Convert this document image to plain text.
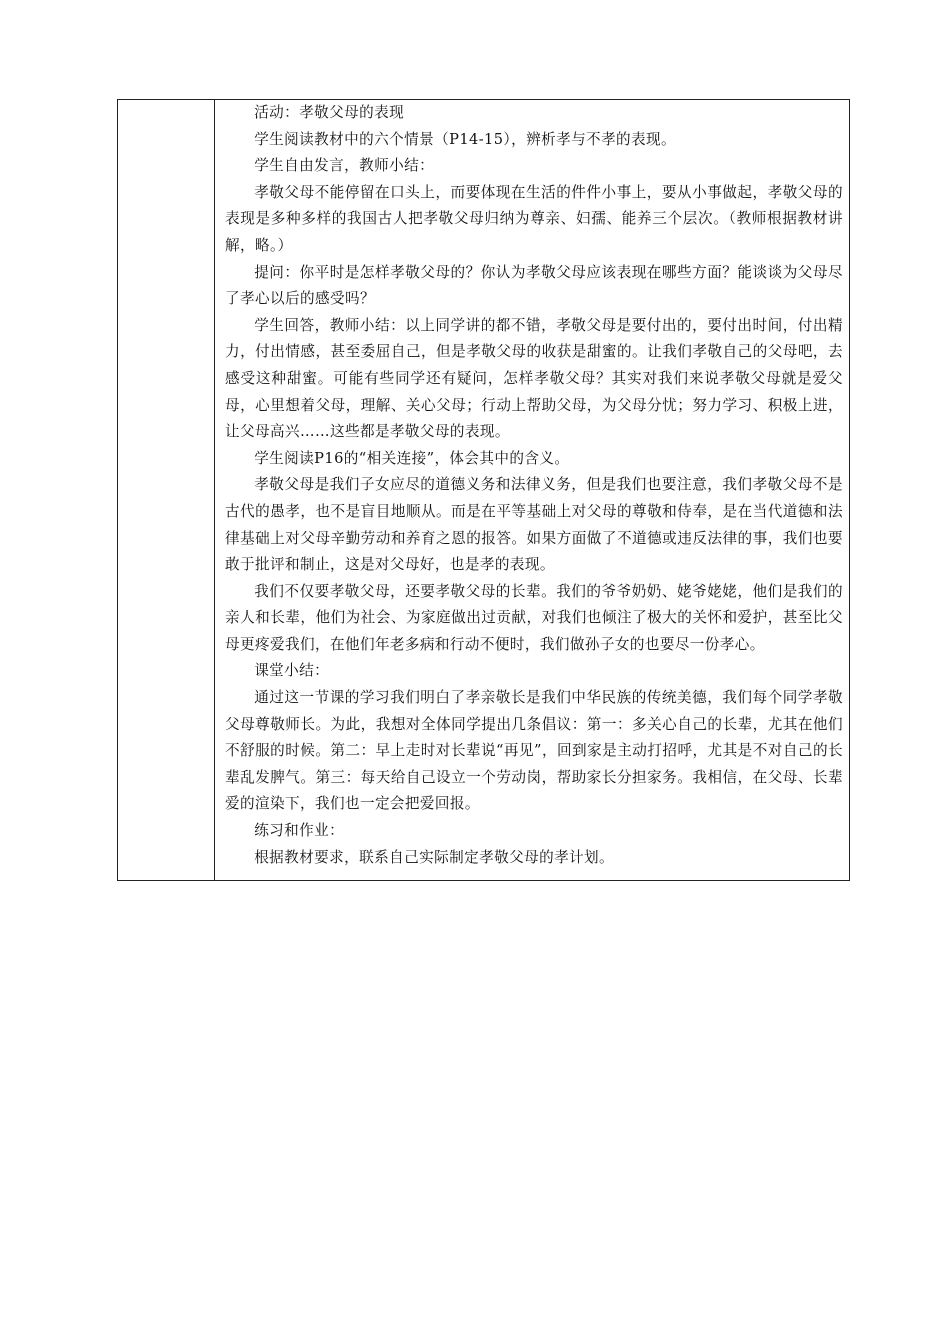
活动：孝敬父母的表现

学生阅读教材中的六个情景（P14-15），辨析孝与不孝的表现。

学生自由发言，教师小结：

孝敬父母不能停留在口头上，而要体现在生活的件件小事上，要从小事做起，孝敬父母的表现是多种多样的我国古人把孝敬父母归纳为尊亲、妇孺、能养三个层次。（教师根据教材讲解，略。）

提问：你平时是怎样孝敬父母的？你认为孝敬父母应该表现在哪些方面？能谈谈为父母尽了孝心以后的感受吗？

学生回答，教师小结：以上同学讲的都不错，孝敬父母是要付出的，要付出时间，付出精力，付出情感，甚至委屈自己，但是孝敬父母的收获是甜蜜的。让我们孝敬自己的父母吧，去感受这种甜蜜。可能有些同学还有疑问，怎样孝敬父母？其实对我们来说孝敬父母就是爱父母，心里想着父母，理解、关心父母；行动上帮助父母，为父母分忧；努力学习、积极上进，让父母高兴……这些都是孝敬父母的表现。

学生阅读P16的“相关连接”，体会其中的含义。

孝敬父母是我们子女应尽的道德义务和法律义务，但是我们也要注意，我们孝敬父母不是古代的愚孝，也不是盲目地顺从。而是在平等基础上对父母的尊敬和侍奉，是在当代道德和法律基础上对父母辛勤劳动和养育之恩的报答。如果方面做了不道德或违反法律的事，我们也要敢于批评和制止，这是对父母好，也是孝的表现。

我们不仅要孝敬父母，还要孝敬父母的长辈。我们的爷爷奶奶、姥爷姥姥，他们是我们的亲人和长辈，他们为社会、为家庭做出过贡献，对我们也倾注了极大的关怀和爱护，甚至比父母更疼爱我们，在他们年老多病和行动不便时，我们做孙子女的也要尽一份孝心。

课堂小结：

通过这一节课的学习我们明白了孝亲敬长是我们中华民族的传统美德，我们每个同学孝敬父母尊敬师长。为此，我想对全体同学提出几条倡议：第一：多关心自己的长辈，尤其在他们不舒服的时候。第二：早上走时对长辈说“再见”，回到家是主动打招呼，尤其是不对自己的长辈乱发脾气。第三：每天给自己设立一个劳动岗，帮助家长分担家务。我相信，在父母、长辈爱的渲染下，我们也一定会把爱回报。

练习和作业：

根据教材要求，联系自己实际制定孝敬父母的孝计划。
